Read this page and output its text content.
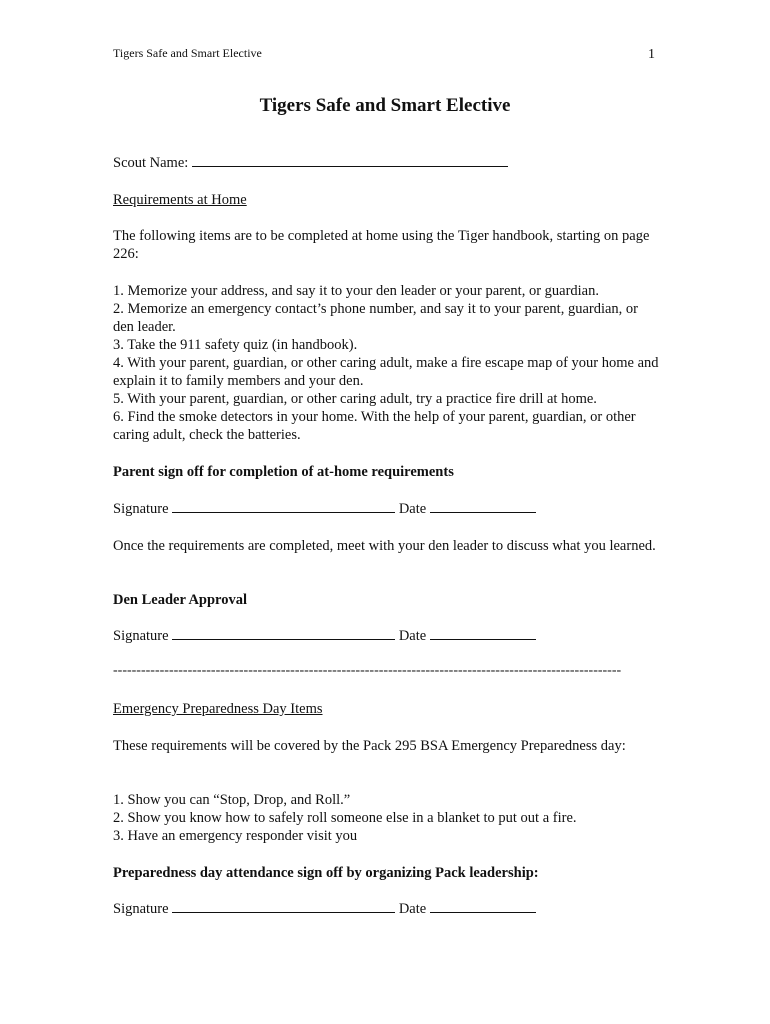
Tigers Safe and Smart Elective	1
Tigers Safe and Smart Elective
Scout Name:
Requirements at Home
The following items are to be completed at home using the Tiger handbook, starting on page 226:
1. Memorize your address, and say it to your den leader or your parent, or guardian.
2. Memorize an emergency contact’s phone number, and say it to your parent, guardian, or den leader.
3. Take the 911 safety quiz (in handbook).
4. With your parent, guardian, or other caring adult, make a fire escape map of your home and explain it to family members and your den.
5. With your parent, guardian, or other caring adult, try a practice fire drill at home.
6. Find the smoke detectors in your home. With the help of your parent, guardian, or other caring adult, check the batteries.
Parent sign off for completion of at-home requirements
Signature	Date
Once the requirements are completed, meet with your den leader to discuss what you learned.
Den Leader Approval
Signature	Date
-------------------------------------------------------------------------------------------------------------
Emergency Preparedness Day Items
These requirements will be covered by the Pack 295 BSA Emergency Preparedness day:
1. Show you can “Stop, Drop, and Roll.”
2. Show you know how to safely roll someone else in a blanket to put out a fire.
3. Have an emergency responder visit you
Preparedness day attendance sign off by organizing Pack leadership:
Signature	Date
